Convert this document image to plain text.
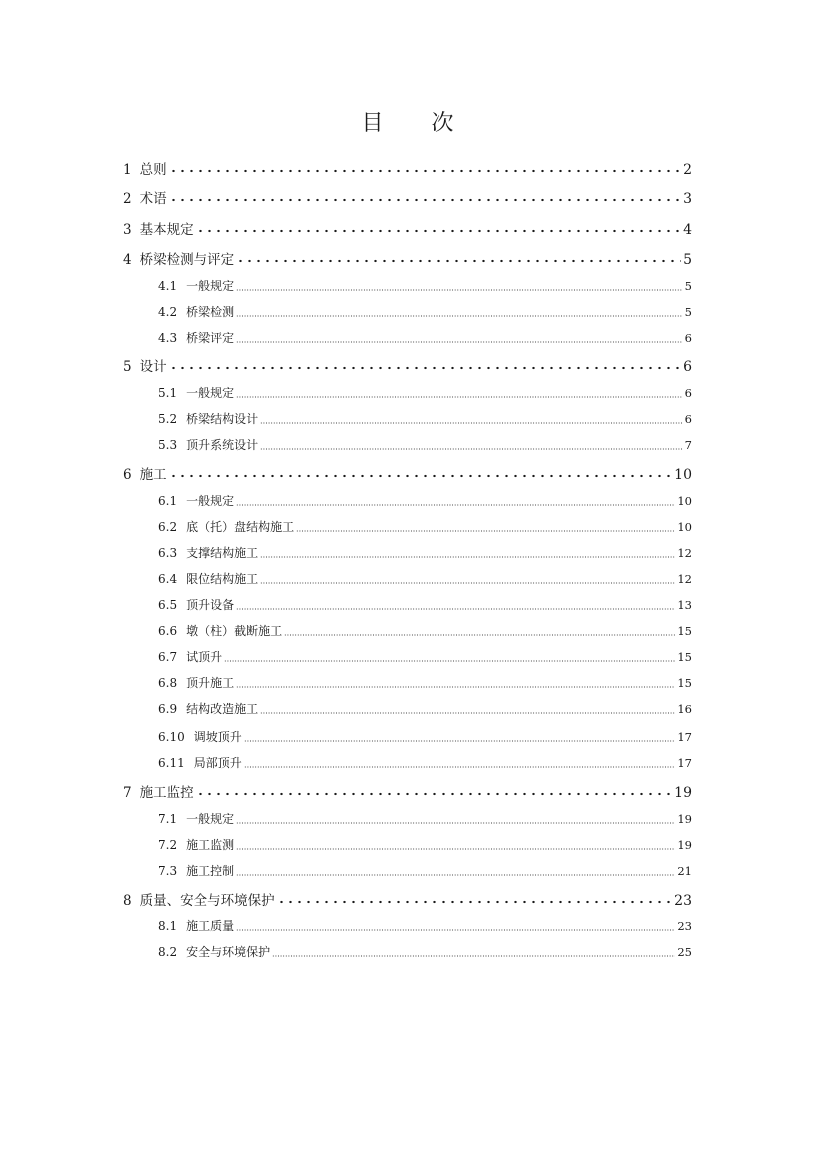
目 次
1 总则	2
2 术语	3
3 基本规定	4
4 桥梁检测与评定	5
4.1 一般规定	5
4.2 桥梁检测	5
4.3 桥梁评定	6
5 设计	6
5.1 一般规定	6
5.2 桥梁结构设计	6
5.3 顶升系统设计	7
6 施工	10
6.1 一般规定	10
6.2 底（托）盘结构施工	10
6.3 支撑结构施工	12
6.4 限位结构施工	12
6.5 顶升设备	13
6.6 墩（柱）截断施工	15
6.7 试顶升	15
6.8 顶升施工	15
6.9 结构改造施工	16
6.10 调坡顶升	17
6.11 局部顶升	17
7 施工监控	19
7.1 一般规定	19
7.2 施工监测	19
7.3 施工控制	21
8 质量、安全与环境保护	23
8.1 施工质量	23
8.2 安全与环境保护	25
